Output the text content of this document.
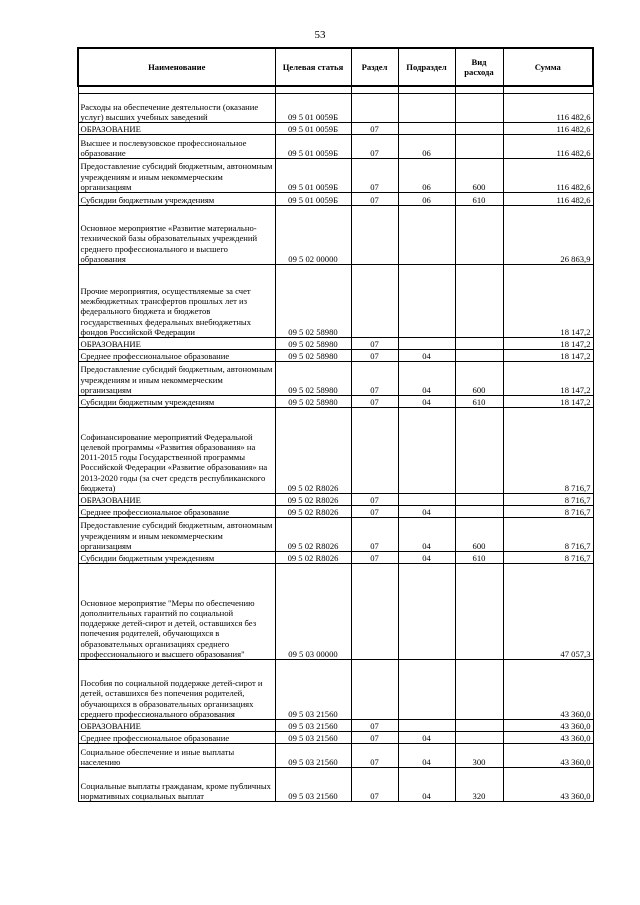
53
Наименование	Целевая статья	Раздел	Подраздел	Вид расхода	Сумма

Расходы на обеспечение деятельности (оказание услуг) высших учебных заведений	09 5 01 0059Б				116 482,6
ОБРАЗОВАНИЕ	09 5 01 0059Б	07			116 482,6
Высшее и послевузовское профессиональное образование	09 5 01 0059Б	07	06		116 482,6
Предоставление субсидий бюджетным, автономным учреждениям и иным некоммерческим организациям	09 5 01 0059Б	07	06	600	116 482,6
Субсидии бюджетным учреждениям	09 5 01 0059Б	07	06	610	116 482,6
Основное мероприятие «Развитие материально-технической базы образовательных учреждений среднего профессионального и высшего образования	09 5 02 00000				26 863,9
Прочие мероприятия, осуществляемые за счет межбюджетных трансфертов прошлых лет из федерального бюджета и бюджетов государственных федеральных внебюджетных фондов Российской Федерации	09 5 02 58980				18 147,2
ОБРАЗОВАНИЕ	09 5 02 58980	07			18 147,2
Среднее профессиональное образование	09 5 02 58980	07	04		18 147,2
Предоставление субсидий бюджетным, автономным учреждениям и иным некоммерческим организациям	09 5 02 58980	07	04	600	18 147,2
Субсидии бюджетным учреждениям	09 5 02 58980	07	04	610	18 147,2
Софинансирование мероприятий Федеральной целевой программы «Развития образования» на 2011-2015 годы Государственной программы Российской Федерации «Развитие образования» на 2013-2020 годы (за счет средств республиканского бюджета)	09 5 02 R8026				8 716,7
ОБРАЗОВАНИЕ	09 5 02 R8026	07			8 716,7
Среднее профессиональное образование	09 5 02 R8026	07	04		8 716,7
Предоставление субсидий бюджетным, автономным учреждениям и иным некоммерческим организациям	09 5 02 R8026	07	04	600	8 716,7
Субсидии бюджетным учреждениям	09 5 02 R8026	07	04	610	8 716,7
Основное мероприятие "Меры по обеспечению дополнительных гарантий по социальной поддержке детей-сирот и детей, оставшихся без попечения родителей, обучающихся в образовательных организациях среднего профессионального и высшего образования"	09 5 03 00000				47 057,3
Пособия по социальной поддержке детей-сирот и детей, оставшихся без попечения родителей, обучающихся в образовательных организациях среднего профессионального образования	09 5 03 21560				43 360,0
ОБРАЗОВАНИЕ	09 5 03 21560	07			43 360,0
Среднее профессиональное образование	09 5 03 21560	07	04		43 360,0
Социальное обеспечение и иные выплаты населению	09 5 03 21560	07	04	300	43 360,0
Социальные выплаты гражданам, кроме публичных нормативных социальных выплат	09 5 03 21560	07	04	320	43 360,0
